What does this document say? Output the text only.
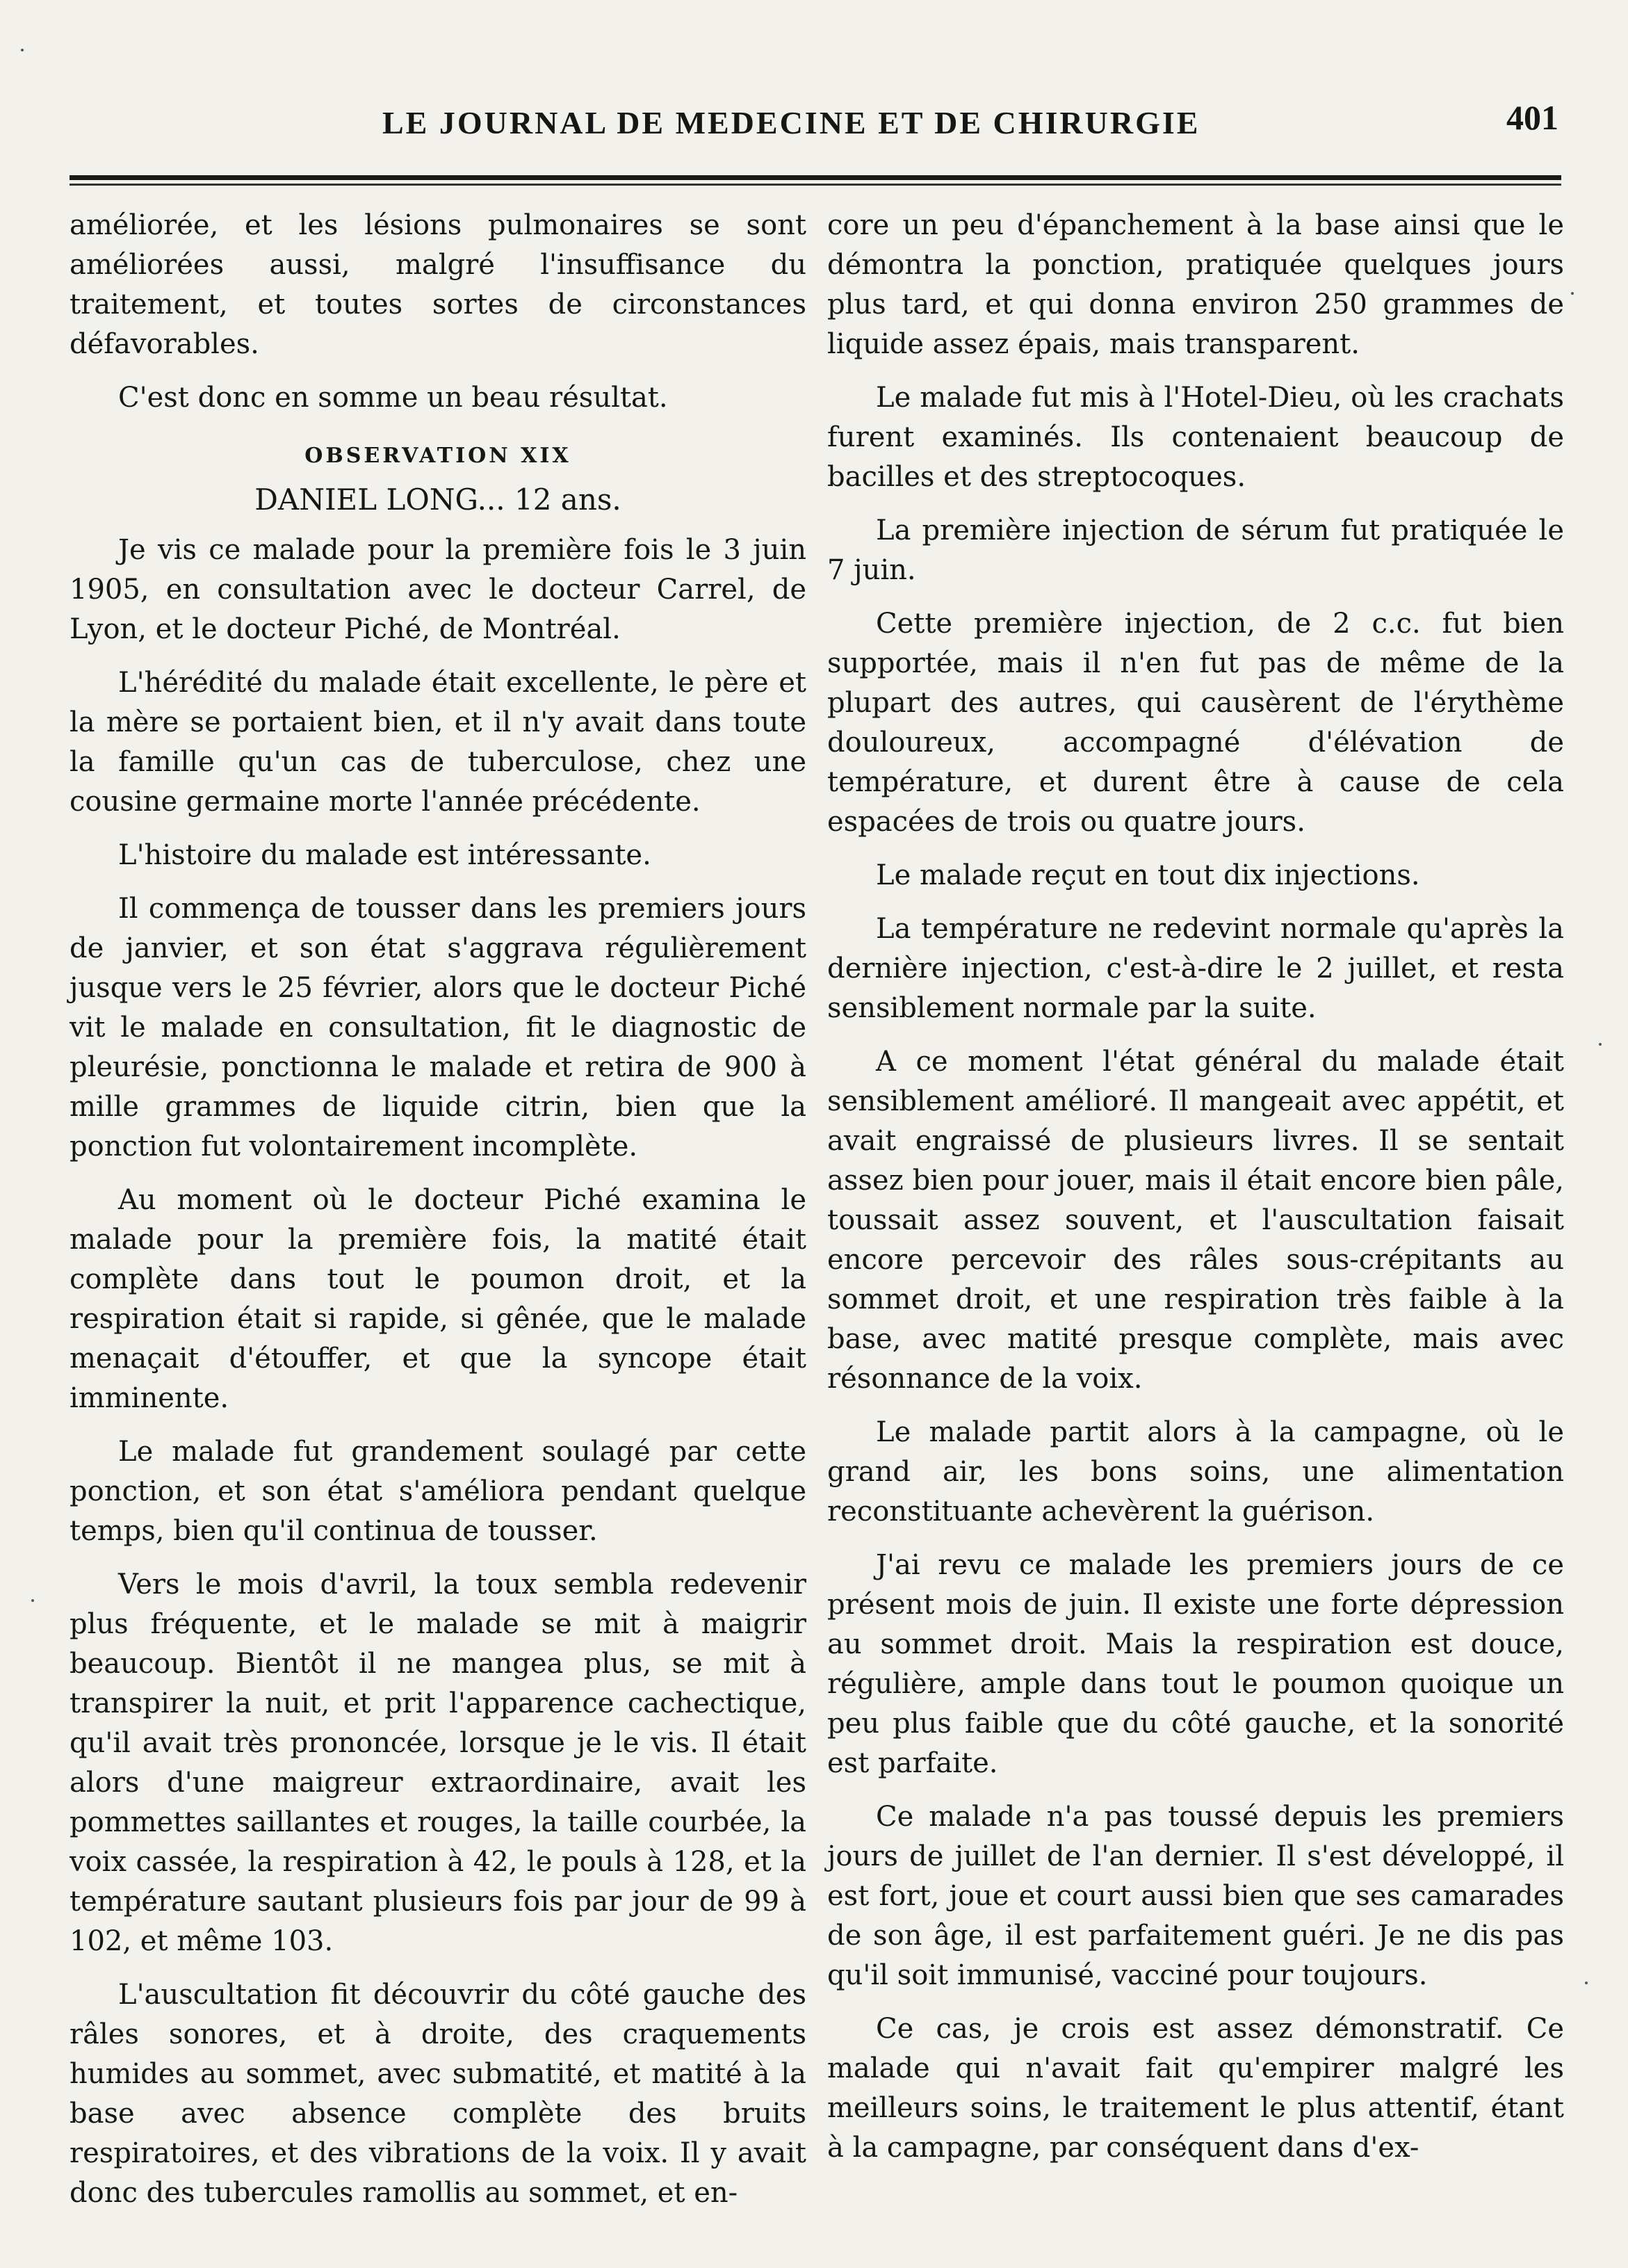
LE JOURNAL DE MEDECINE ET DE CHIRURGIE	401

améliorée, et les lésions pulmonaires se sont améliorées aussi, malgré l'insuffisance du traitement, et toutes sortes de circonstances défavorables.

C'est donc en somme un beau résultat.

OBSERVATION XIX
DANIEL LONG... 12 ans.

Je vis ce malade pour la première fois le 3 juin 1905, en consultation avec le docteur Carrel, de Lyon, et le docteur Piché, de Montréal.

L'hérédité du malade était excellente, le père et la mère se portaient bien, et il n'y avait dans toute la famille qu'un cas de tuberculose, chez une cousine germaine morte l'année précédente.

L'histoire du malade est intéressante.

Il commença de tousser dans les premiers jours de janvier, et son état s'aggrava régulièrement jusque vers le 25 février, alors que le docteur Piché vit le malade en consultation, fit le diagnostic de pleurésie, ponctionna le malade et retira de 900 à mille grammes de liquide citrin, bien que la ponction fut volontairement incomplète.

Au moment où le docteur Piché examina le malade pour la première fois, la matité était complète dans tout le poumon droit, et la respiration était si rapide, si gênée, que le malade menaçait d'étouffer, et que la syncope était imminente.

Le malade fut grandement soulagé par cette ponction, et son état s'améliora pendant quelque temps, bien qu'il continua de tousser.

Vers le mois d'avril, la toux sembla redevenir plus fréquente, et le malade se mit à maigrir beaucoup. Bientôt il ne mangea plus, se mit à transpirer la nuit, et prit l'apparence cachectique, qu'il avait très prononcée, lorsque je le vis. Il était alors d'une maigreur extraordinaire, avait les pommettes saillantes et rouges, la taille courbée, la voix cassée, la respiration à 42, le pouls à 128, et la température sautant plusieurs fois par jour de 99 à 102, et même 103.

L'auscultation fit découvrir du côté gauche des râles sonores, et à droite, des craquements humides au sommet, avec submatité, et matité à la base avec absence complète des bruits respiratoires, et des vibrations de la voix. Il y avait donc des tubercules ramollis au sommet, et en-

core un peu d'épanchement à la base ainsi que le démontra la ponction, pratiquée quelques jours plus tard, et qui donna environ 250 grammes de liquide assez épais, mais transparent.

Le malade fut mis à l'Hotel-Dieu, où les crachats furent examinés. Ils contenaient beaucoup de bacilles et des streptocoques.

La première injection de sérum fut pratiquée le 7 juin.

Cette première injection, de 2 c.c. fut bien supportée, mais il n'en fut pas de même de la plupart des autres, qui causèrent de l'érythème douloureux, accompagné d'élévation de température, et durent être à cause de cela espacées de trois ou quatre jours.

Le malade reçut en tout dix injections.

La température ne redevint normale qu'après la dernière injection, c'est-à-dire le 2 juillet, et resta sensiblement normale par la suite.

A ce moment l'état général du malade était sensiblement amélioré. Il mangeait avec appétit, et avait engraissé de plusieurs livres. Il se sentait assez bien pour jouer, mais il était encore bien pâle, toussait assez souvent, et l'auscultation faisait encore percevoir des râles sous-crépitants au sommet droit, et une respiration très faible à la base, avec matité presque complète, mais avec résonnance de la voix.

Le malade partit alors à la campagne, où le grand air, les bons soins, une alimentation reconstituante achevèrent la guérison.

J'ai revu ce malade les premiers jours de ce présent mois de juin. Il existe une forte dépression au sommet droit. Mais la respiration est douce, régulière, ample dans tout le poumon quoique un peu plus faible que du côté gauche, et la sonorité est parfaite.

Ce malade n'a pas toussé depuis les premiers jours de juillet de l'an dernier. Il s'est développé, il est fort, joue et court aussi bien que ses camarades de son âge, il est parfaitement guéri. Je ne dis pas qu'il soit immunisé, vacciné pour toujours.

Ce cas, je crois est assez démonstratif. Ce malade qui n'avait fait qu'empirer malgré les meilleurs soins, le traitement le plus attentif, étant à la campagne, par conséquent dans d'ex-
